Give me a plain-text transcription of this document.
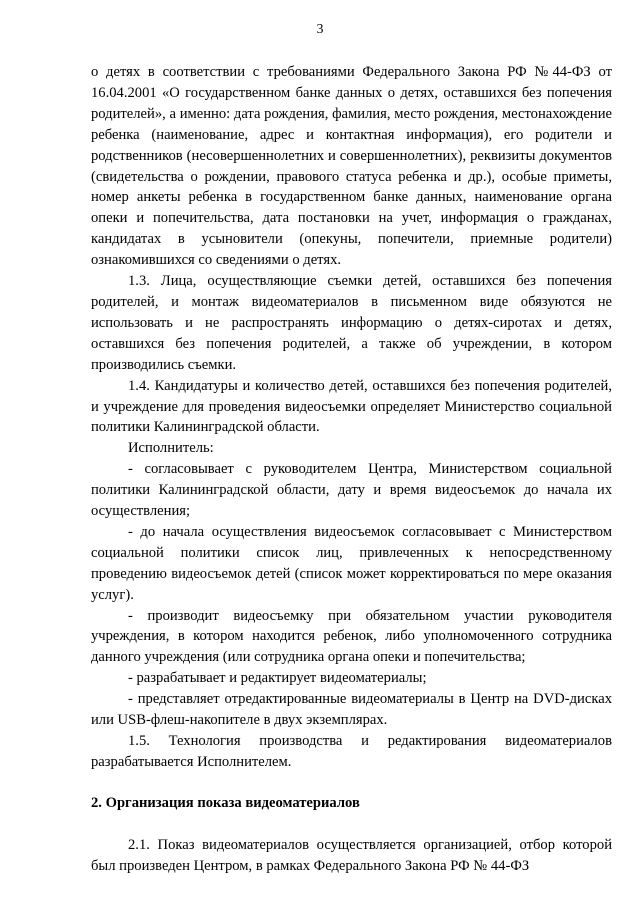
3

о детях в соответствии с требованиями Федерального Закона РФ №44-ФЗ от 16.04.2001 «О государственном банке данных о детях, оставшихся без попечения родителей», а именно: дата рождения, фамилия, место рождения, местонахождение ребенка (наименование, адрес и контактная информация), его родители и родственников (несовершеннолетних и совершеннолетних), реквизиты документов (свидетельства о рождении, правового статуса ребенка и др.), особые приметы, номер анкеты ребенка в государственном банке данных, наименование органа опеки и попечительства, дата постановки на учет, информация о гражданах, кандидатах в усыновители (опекуны, попечители, приемные родители) ознакомившихся со сведениями о детях.

1.3. Лица, осуществляющие съемки детей, оставшихся без попечения родителей, и монтаж видеоматериалов в письменном виде обязуются не использовать и не распространять информацию о детях-сиротах и детях, оставшихся без попечения родителей, а также об учреждении, в котором производились съемки.

1.4. Кандидатуры и количество детей, оставшихся без попечения родителей, и учреждение для проведения видеосъемки определяет Министерство социальной политики Калининградской области.

Исполнитель:

- согласовывает с руководителем Центра, Министерством социальной политики Калининградской области, дату и время видеосъемок до начала их осуществления;

- до начала осуществления видеосъемок согласовывает с Министерством социальной политики список лиц, привлеченных к непосредственному проведению видеосъемок детей (список может корректироваться по мере оказания услуг).

- производит видеосъемку при обязательном участии руководителя учреждения, в котором находится ребенок, либо уполномоченного сотрудника данного учреждения (или сотрудника органа опеки и попечительства;

- разрабатывает и редактирует видеоматериалы;

- представляет отредактированные видеоматериалы в Центр на DVD-дисках или USB-флеш-накопителе в двух экземплярах.

1.5. Технология производства и редактирования видеоматериалов разрабатывается Исполнителем.

2. Организация показа видеоматериалов

2.1. Показ видеоматериалов осуществляется организацией, отбор которой был произведен Центром, в рамках Федерального Закона РФ № 44-ФЗ
